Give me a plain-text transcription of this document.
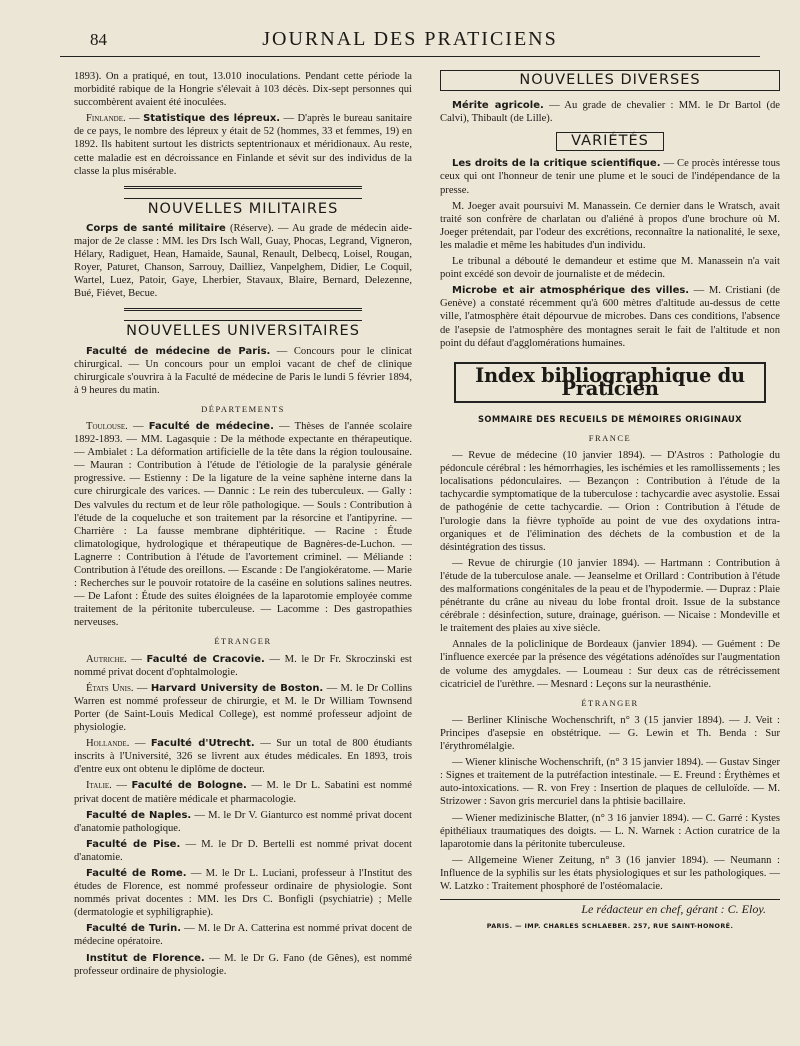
84	JOURNAL DES PRATICIENS

1893). On a pratiqué, en tout, 13.010 inoculations. Pendant cette période la morbidité rabique de la Hongrie s'élevait à 103 décès. Dix-sept personnes qui succombèrent avaient été inoculées.

Finlande. — Statistique des lépreux. — D'après le bureau sanitaire de ce pays, le nombre des lépreux y était de 52 (hommes, 33 et femmes, 19) en 1892. Ils habitent surtout les districts septentrionaux et méridionaux. Au reste, cette maladie est en décroissance en Finlande et sévit sur des individus de la classe la plus misérable.

NOUVELLES MILITAIRES

Corps de santé militaire (Réserve). — Au grade de médecin aide-major de 2e classe : MM. les Drs Isch Wall, Guay, Phocas, Legrand, Vigneron, Hélary, Radiguet, Hean, Hamaide, Saunal, Renault, Delbecq, Loisel, Rougan, Royer, Paturet, Chanson, Sarrouy, Dailliez, Vanpelghem, Didier, Le Coquil, Wartel, Luez, Patoir, Gaye, Lherbier, Stavaux, Blaire, Bernard, Delezenne, Bué, Fiévet, Becue.

NOUVELLES UNIVERSITAIRES

Faculté de médecine de Paris. — Concours pour le clinicat chirurgical. — Un concours pour un emploi vacant de chef de clinique chirurgicale s'ouvrira à la Faculté de médecine de Paris le lundi 5 février 1894, à 9 heures du matin.

DÉPARTEMENTS

Toulouse. — Faculté de médecine. — Thèses de l'année scolaire 1892-1893. — MM. Lagasquie : De la méthode expectante en thérapeutique. — Ambialet : La déformation artificielle de la tête dans la région toulousaine. — Mauran : Contribution à l'étude de l'étiologie de la paralysie générale progressive. — Estienny : De la ligature de la veine saphène interne dans la cure chirurgicale des varices. — Dannic : Le rein des tuberculeux. — Gally : Des valvules du rectum et de leur rôle pathologique. — Souls : Contribution à l'étude de la coqueluche et son traitement par la résorcine et l'antipyrine. — Charrière : La fausse membrane diphtéritique. — Racine : Étude climatologique, hydrologique et thérapeutique de Bagnères-de-Luchon. — Lagnerre : Contribution à l'étude de l'avortement criminel. — Méliande : Contribution à l'étude des oreillons. — Escande : De l'angiokératome. — Marie : Recherches sur le pouvoir rotatoire de la caséine en solutions salines neutres. — De Lafont : Étude des suites éloignées de la laparotomie employée comme traitement de la péritonite tuberculeuse. — Lacomme : Des gastropathies nerveuses.

ÉTRANGER

Autriche. — Faculté de Cracovie. — M. le Dr Fr. Skroczinski est nommé privat docent d'ophtalmologie.

États Unis. — Harvard University de Boston. — M. le Dr Collins Warren est nommé professeur de chirurgie, et M. le Dr William Townsend Porter (de Saint-Louis Medical College), est nommé professeur adjoint de physiologie.

Hollande. — Faculté d'Utrecht. — Sur un total de 800 étudiants inscrits à l'Université, 326 se livrent aux études médicales. En 1893, trois d'entre eux ont obtenu le diplôme de docteur.

Italie. — Faculté de Bologne. — M. le Dr L. Sabatini est nommé privat docent de matière médicale et pharmacologie.

Faculté de Naples. — M. le Dr V. Gianturco est nommé privat docent d'anatomie pathologique.

Faculté de Pise. — M. le Dr D. Bertelli est nommé privat docent d'anatomie.

Faculté de Rome. — M. le Dr L. Luciani, professeur à l'Institut des études de Florence, est nommé professeur ordinaire de physiologie. Sont nommés privat docentes : MM. les Drs C. Bonfigli (psychiatrie) ; Melle (dermatologie et syphiligraphie).

Faculté de Turin. — M. le Dr A. Catterina est nommé privat docent de médecine opératoire.

Institut de Florence. — M. le Dr G. Fano (de Gênes), est nommé professeur ordinaire de physiologie.

NOUVELLES DIVERSES

Mérite agricole. — Au grade de chevalier : MM. le Dr Bartol (de Calvi), Thibault (de Lille).

VARIÉTÉS

Les droits de la critique scientifique. — Ce procès intéresse tous ceux qui ont l'honneur de tenir une plume et le souci de l'indépendance de la presse.

M. Joeger avait poursuivi M. Manassein. Ce dernier dans le Wratsch, avait traité son confrère de charlatan ou d'aliéné à propos d'une brochure où M. Joeger prétendait, par l'odeur des excrétions, reconnaître la nationalité, le sexe, les maladie et même les habitudes d'un individu.

Le tribunal a débouté le demandeur et estime que M. Manassein n'a vait point excédé son devoir de journaliste et de médecin.

Microbe et air atmosphérique des villes. — M. Cristiani (de Genève) a constaté récemment qu'à 600 mètres d'altitude au-dessus de cette ville, l'atmosphère était dépourvue de microbes. Dans ces conditions, l'absence de l'asepsie de l'atmosphère des montagnes serait le fait de l'altitude et non point du défaut d'agglomérations humaines.

Index bibliographique du Praticien
SOMMAIRE DES RECUEILS DE MÉMOIRES ORIGINAUX
FRANCE

— Revue de médecine (10 janvier 1894). — D'Astros : Pathologie du pédoncule cérébral : les hémorrhagies, les ischémies et les ramollissements ; les localisations pédonculaires. — Bezançon : Contribution à l'étude de la tachycardie symptomatique de la tuberculose : tachycardie avec asystolie. Essai de pathogénie de cette tachycardie. — Orion : Contribution à l'étude de l'urologie dans la fièvre typhoïde au point de vue des oxydations intra-organiques et de l'élimination des déchets de la combustion et de la désintégration des tissus.

— Revue de chirurgie (10 janvier 1894). — Hartmann : Contribution à l'étude de la tuberculose anale. — Jeanselme et Orillard : Contribution à l'étude des malformations congénitales de la peau et de l'hypodermie. — Dupraz : Plaie pénétrante du crâne au niveau du lobe frontal droit. Issue de la substance cérébrale : désinfection, suture, drainage, guérison. — Nicaise : Mondeville et le traitement des plaies au xive siècle.

Annales de la policlinique de Bordeaux (janvier 1894). — Guément : De l'influence exercée par la présence des végétations adénoïdes sur l'augmentation de volume des amygdales. — Loumeau : Sur deux cas de rétrécissement cicatriciel de l'urèthre. — Mesnard : Leçons sur la neurasthénie.

ÉTRANGER

— Berliner Klinische Wochenschrift, n° 3 (15 janvier 1894). — J. Veit : Principes d'asepsie en obstétrique. — G. Lewin et Th. Benda : Sur l'érythromélalgie.

— Wiener klinische Wochenschrift, (n° 3 15 janvier 1894). — Gustav Singer : Signes et traitement de la putréfaction intestinale. — E. Freund : Érythèmes et auto-intoxications. — R. von Frey : Insertion de plaques de celluloïde. — M. Strizower : Savon gris mercuriel dans la phtisie bacillaire.

— Wiener medizinische Blatter, (n° 3 16 janvier 1894). — C. Garré : Kystes épithéliaux traumatiques des doigts. — L. N. Warnek : Action curatrice de la laparotomie dans la péritonite tuberculeuse.

— Allgemeine Wiener Zeitung, n° 3 (16 janvier 1894). — Neumann : Influence de la syphilis sur les états physiologiques et sur les pathologiques. — W. Latzko : Traitement phosphoré de l'ostéomalacie.

Le rédacteur en chef, gérant : C. Eloy.
PARIS. — IMP. CHARLES SCHLAEBER. 257, RUE SAINT-HONORÉ.
